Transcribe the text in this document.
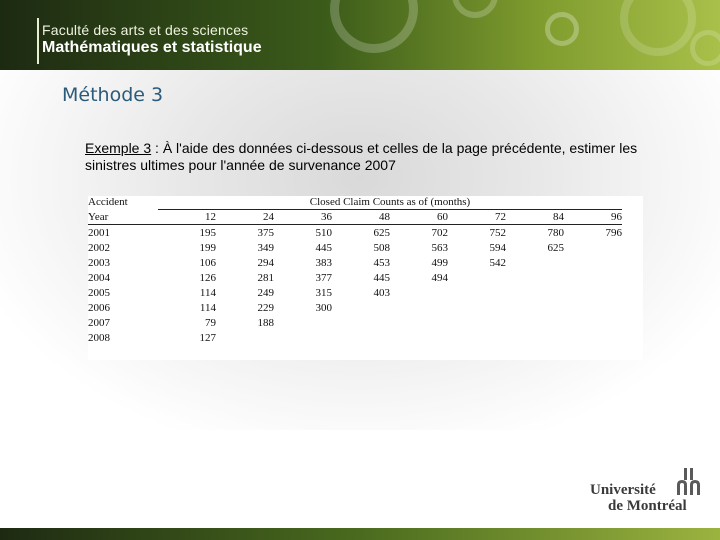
Faculté des arts et des sciences
Mathématiques et statistique
Méthode 3
Exemple 3 : À l'aide des données ci-dessous et celles de la page précédente, estimer les sinistres ultimes pour l'année de survenance 2007
Accident	Closed Claim Counts as of (months)							
Year	12	24	36	48	60	72	84	96
2001	195	375	510	625	702	752	780	796
2002	199	349	445	508	563	594	625	
2003	106	294	383	453	499	542		
2004	126	281	377	445	494			
2005	114	249	315	403				
2006	114	229	300					
2007	79	188						
2008	127							
Université
de Montréal
